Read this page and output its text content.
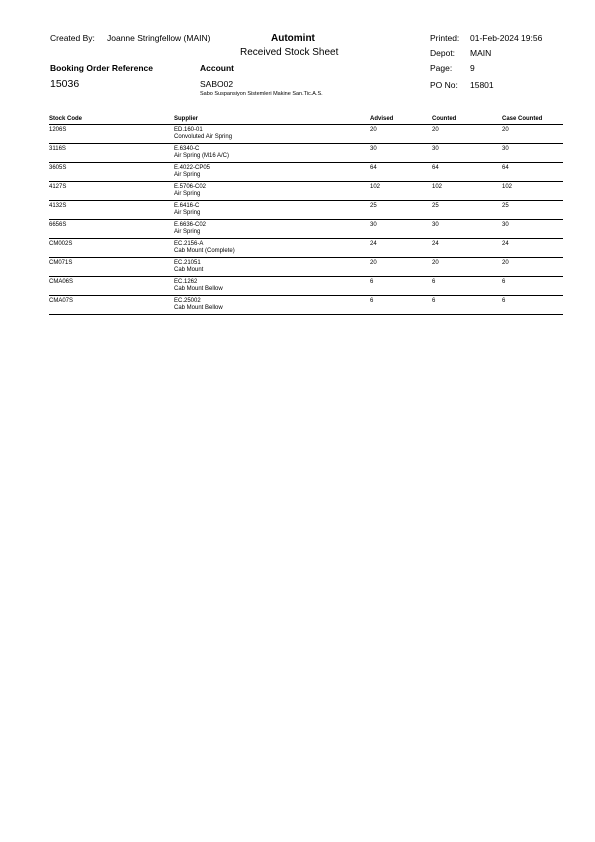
Created By: Joanne Stringfellow (MAIN)	Automint
Received Stock Sheet
Printed: 01-Feb-2024 19:56
Depot: MAIN
Page: 9
PO No: 15801
Booking Order Reference
15036
Account
SABO02
Sabo Suspansiyon Sistemleri Makine San.Tic.A.S.
Stock Code	Supplier	Advised	Counted	Case Counted
1206S	ED.160-01
Convoluted Air Spring	20	20	20
3116S	E.6340-C
Air Spring (M16 A/C)	30	30	30
3605S	E.4022-CP05
Air Spring	64	64	64
4127S	E.5706-C02
Air Spring	102	102	102
4132S	E.6416-C
Air Spring	25	25	25
6656S	E.6636-C02
Air Spring	30	30	30
CM002S	EC.2156-A
Cab Mount (Complete)	24	24	24
CM071S	EC.21051
Cab Mount	20	20	20
CMA06S	EC.1262
Cab Mount Bellow	6	6	6
CMA07S	EC.25002
Cab Mount Bellow	6	6	6
